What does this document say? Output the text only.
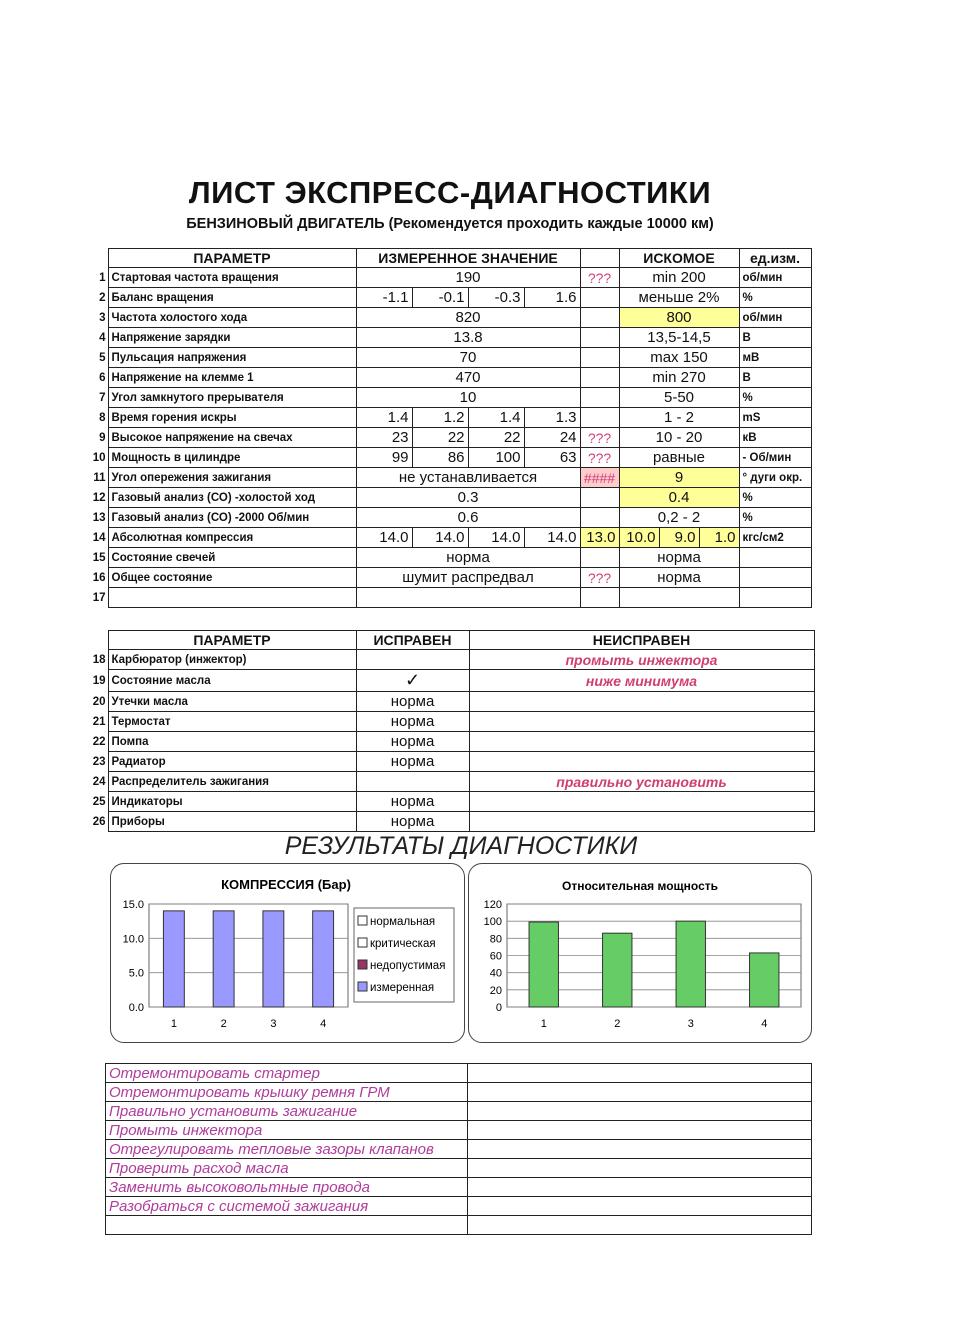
ЛИСТ ЭКСПРЕСС-ДИАГНОСТИКИ
БЕНЗИНОВЫЙ ДВИГАТЕЛЬ (Рекомендуется проходить каждые 10000 км)
	ПАРАМЕТР	ИЗМЕРЕННОЕ ЗНАЧЕНИЕ					ИСКОМОЕ			ед.изм.
1	Стартовая частота вращения	190				???	min 200			об/мин
2	Баланс вращения	-1.1	-0.1	-0.3	1.6		меньше 2%			%
3	Частота холостого хода	820					800			об/мин
4	Напряжение зарядки	13.8					13,5-14,5			В
5	Пульсация напряжения	70					max 150			мВ
6	Напряжение на клемме 1	470					min 270			В
7	Угол замкнутого прерывателя	10					5-50			%
8	Время горения искры	1.4	1.2	1.4	1.3		1 - 2			mS
9	Высокое напряжение на свечах	23	22	22	24	???	10 - 20			кВ
10	Мощность в цилиндре	99	86	100	63	???	равные			- Об/мин
11	Угол опережения зажигания	не устанавливается				####	9			° дуги окр.
12	Газовый анализ (СО) -холостой ход	0.3					0.4			%
13	Газовый анализ (СО) -2000 Об/мин	0.6					0,2 - 2			%
14	Абсолютная компрессия	14.0	14.0	14.0	14.0	13.0	10.0	9.0	1.0	кгс/см2
15	Состояние свечей	норма					норма			
16	Общее состояние	шумит распредвал				???	норма			
17										
	ПАРАМЕТР	ИСПРАВЕН	НЕИСПРАВЕН
18	Карбюратор (инжектор)		промыть инжектора
19	Состояние масла	✓	ниже минимума
20	Утечки масла	норма	
21	Термостат	норма	
22	Помпа	норма	
23	Радиатор	норма	
24	Распределитель зажигания		правильно установить
25	Индикаторы	норма	
26	Приборы	норма	
РЕЗУЛЬТАТЫ ДИАГНОСТИКИ
КОМПРЕССИЯ (Бар)
0.0
5.0
10.0
15.0
1	2	3	4
нормальная
критическая
недопустимая
измеренная
Относительная мощность
0
20
40
60
80
100
120
1	2	3	4
Отремонтировать стартер	
Отремонтировать крышку ремня ГРМ	
Правильно установить зажигание	
Промыть инжектора	
Отрегулировать тепловые зазоры клапанов	
Проверить расход масла	
Заменить высоковольтные провода	
Разобраться с системой зажигания	
